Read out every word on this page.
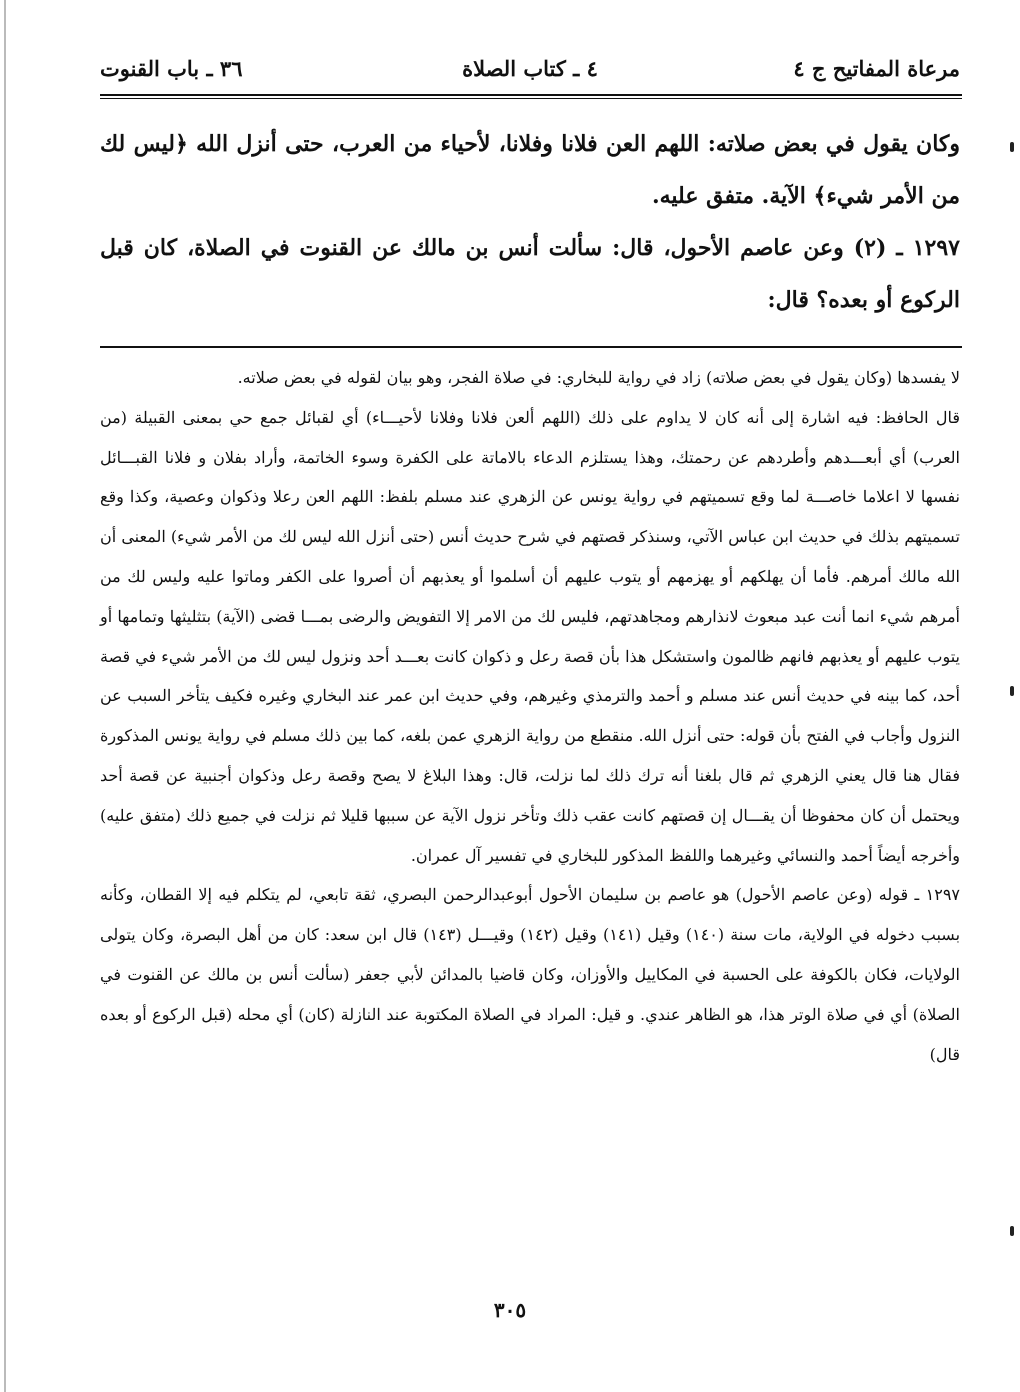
مرعاة المفاتيح ج ٤
٤ ـ كتاب الصلاة
٣٦ ـ باب القنوت

وكان يقول في بعض صلاته: اللهم العن فلانا وفلانا، لأحياء من العرب، حتى أنزل الله ﴿ليس لك من الأمر شيء﴾ الآية. متفق عليه.

١٢٩٧ ـ (٢) وعن عاصم الأحول، قال: سألت أنس بن مالك عن القنوت في الصلاة، كان قبل الركوع أو بعده؟ قال:

لا يفسدها (وكان يقول في بعض صلاته) زاد في رواية للبخاري: في صلاة الفجر، وهو بيان لقوله في بعض صلاته.

قال الحافظ: فيه اشارة إلى أنه كان لا يداوم على ذلك (اللهم ألعن فلانا وفلانا لأحيـــاء) أي لقبائل جمع حي بمعنى القبيلة (من العرب) أي أبعـــدهم وأطردهم عن رحمتك، وهذا يستلزم الدعاء بالاماتة على الكفرة وسوء الخاتمة، وأراد بفلان و فلانا القبـــائل نفسها لا اعلاما خاصـــة لما وقع تسميتهم في رواية يونس عن الزهري عند مسلم بلفظ: اللهم العن رعلا وذكوان وعصية، وكذا وقع تسميتهم بذلك في حديث ابن عباس الآتي، وسنذكر قصتهم في شرح حديث أنس (حتى أنزل الله ليس لك من الأمر شيء) المعنى أن الله مالك أمرهم. فأما أن يهلكهم أو يهزمهم أو يتوب عليهم أن أسلموا أو يعذبهم أن أصروا على الكفر وماتوا عليه وليس لك من أمرهم شيء انما أنت عبد مبعوث لانذارهم ومجاهدتهم، فليس لك من الامر إلا التفويض والرضى بمـــا قضى (الآية) بتثليثها وتمامها أو يتوب عليهم أو يعذبهم فانهم ظالمون واستشكل هذا بأن قصة رعل و ذكوان كانت بعـــد أحد ونزول ليس لك من الأمر شيء في قصة أحد، كما بينه في حديث أنس عند مسلم و أحمد والترمذي وغيرهم، وفي حديث ابن عمر عند البخاري وغيره فكيف يتأخر السبب عن النزول وأجاب في الفتح بأن قوله: حتى أنزل الله. منقطع من رواية الزهري عمن بلغه، كما بين ذلك مسلم في رواية يونس المذكورة فقال هنا قال يعني الزهري ثم قال بلغنا أنه ترك ذلك لما نزلت، قال: وهذا البلاغ لا يصح وقصة رعل وذكوان أجنبية عن قصة أحد ويحتمل أن كان محفوظا أن يقـــال إن قصتهم كانت عقب ذلك وتأخر نزول الآية عن سببها قليلا ثم نزلت في جميع ذلك (متفق عليه) وأخرجه أيضاً أحمد والنسائي وغيرهما واللفظ المذكور للبخاري في تفسير آل عمران.

١٢٩٧ ـ قوله (وعن عاصم الأحول) هو عاصم بن سليمان الأحول أبوعبدالرحمن البصري، ثقة تابعي، لم يتكلم فيه إلا القطان، وكأنه بسبب دخوله في الولاية، مات سنة (١٤٠) وقيل (١٤١) وقيل (١٤٢) وقيـــل (١٤٣) قال ابن سعد: كان من أهل البصرة، وكان يتولى الولايات، فكان بالكوفة على الحسبة في المكاييل والأوزان، وكان قاضيا بالمدائن لأبي جعفر (سألت أنس بن مالك عن القنوت في الصلاة) أي في صلاة الوتر هذا، هو الظاهر عندي. و قيل: المراد في الصلاة المكتوبة عند النازلة (كان) أي محله (قبل الركوع أو بعده قال)

٣٠٥
